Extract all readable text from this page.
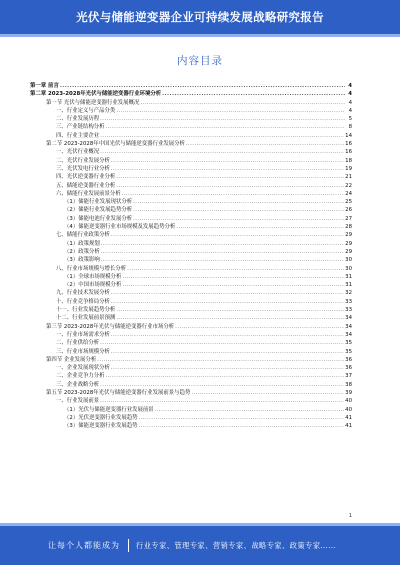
光伏与储能逆变器企业可持续发展战略研究报告
内容目录
第一章 前言 .....	4
第二章 2023-2028年光伏与储能逆变器行业环境分析 .....	4
第一节 光伏与储能逆变器行业发展概况 .....	4
一、行业定义与产品分类 .....	4
二、行业发展历程 .....	5
三、产业链结构分析 .....	8
四、行业主要企业 .....	14
第二节 2023-2028年中国光伏与储能逆变器行业发展分析 .....	16
一、光伏行业概况 .....	16
二、光伏行业发展分析 .....	18
三、光伏发电行业分析 .....	19
四、光伏逆变器行业分析 .....	21
五、储能逆变器行业分析 .....	22
六、储能行业发展前景分析 .....	24
（1）储能行业发展现状分析 .....	25
（2）储能行业发展趋势分析 .....	26
（3）储能电池行业发展分析 .....	27
（4）储能逆变器行业市场规模及发展趋势分析 .....	28
七、储能行业政策分析 .....	29
（1）政策规划 .....	29
（2）政策分析 .....	29
（3）政策影响 .....	30
八、行业市场规模与增长分析 .....	30
（1）全球市场规模分析 .....	31
（2）中国市场规模分析 .....	31
九、行业技术发展分析 .....	32
十、行业竞争格局分析 .....	33
十一、行业发展趋势分析 .....	33
十二、行业发展前景预测 .....	34
第三节 2023-2028年光伏与储能逆变器行业市场分析 .....	34
一、行业市场需求分析 .....	34
二、行业供给分析 .....	35
三、行业市场规模分析 .....	35
第四节 企业发展分析 .....	36
一、企业发展现状分析 .....	36
二、企业竞争力分析 .....	37
三、企业战略分析 .....	38
第五节 2023-2028年光伏与储能逆变器行业发展前景与趋势 .....	39
一、行业发展前景 .....	40
（1）光伏与储能逆变器行业发展前景 .....	40
（2）光伏逆变器行业发展趋势 .....	41
（3）储能逆变器行业发展趋势 .....	41
1
让每个人都能成为 行业专家、管理专家、营销专家、战略专家、政策专家……
